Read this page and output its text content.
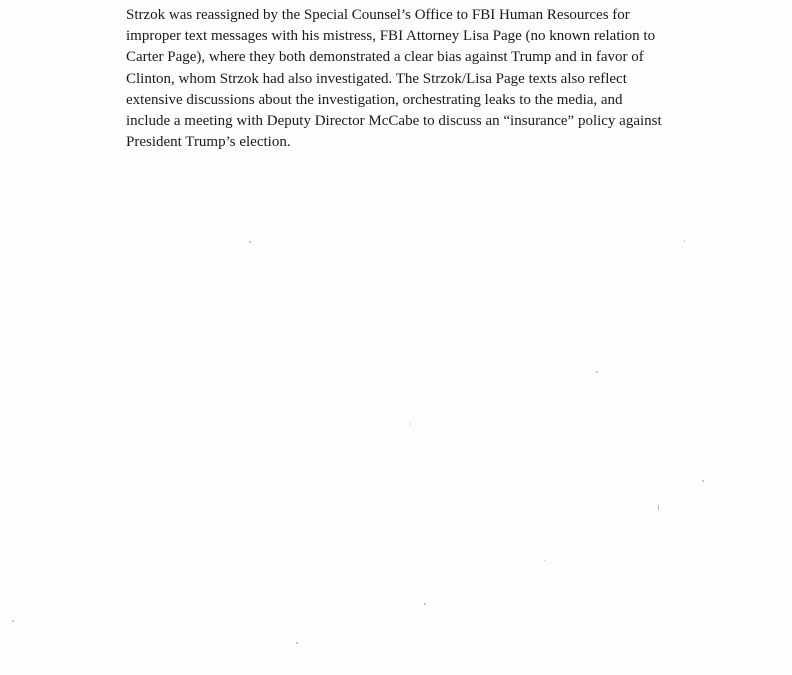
Strzok was reassigned by the Special Counsel’s Office to FBI Human Resources for
improper text messages with his mistress, FBI Attorney Lisa Page (no known relation to
Carter Page), where they both demonstrated a clear bias against Trump and in favor of
Clinton, whom Strzok had also investigated. The Strzok/Lisa Page texts also reflect
extensive discussions about the investigation, orchestrating leaks to the media, and
include a meeting with Deputy Director McCabe to discuss an “insurance” policy against
President Trump’s election.
